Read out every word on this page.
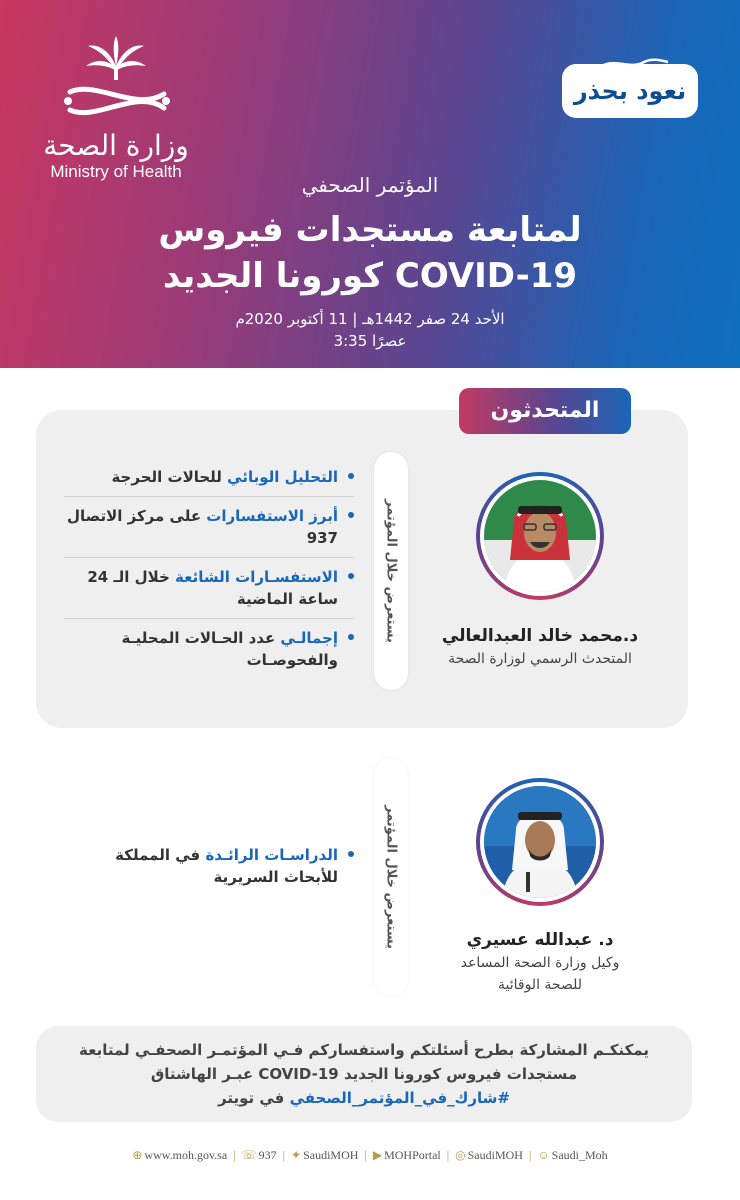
وزارة الصحة
Ministry of Health
نعود بحذر
المؤتمر الصحفي
لمتابعة مستجدات فيروس
كورونا الجديد COVID-19
الأحد 24 صفر 1442هـ | 11 أكتوبر 2020م
3:35 عصرًا
المتحدثون
يستعرض خلال المؤتمر
التحليل الوبائي للحالات الحرجة
أبرز الاستفسارات على مركز الاتصال 937
الاستفسـارات الشائعة خلال الـ 24 ساعة الماضية
إجمالـي عدد الحـالات المحليـة والفحوصـات
د.محمد خالد العبدالعالي
المتحدث الرسمي لوزارة الصحة
يستعرض خلال المؤتمر
الدراسـات الرائـدة في المملكة للأبحاث السريرية
د. عبدالله عسيري
وكيل وزارة الصحة المساعد
للصحة الوقائية
يمكنكـم المشاركة بطرح أسئلتكم واستفساركم فـي المؤتمـر الصحفـي لمتابعة مستجدات فيروس كورونا الجديد COVID-19 عبـر الهاشتاق #شارك_في_المؤتمر_الصحفي في تويتر
⊕ www.moh.gov.sa | ☏ 937 | ✦ SaudiMOH | ▶ MOHPortal | ◎ SaudiMOH | ☺ Saudi_Moh
